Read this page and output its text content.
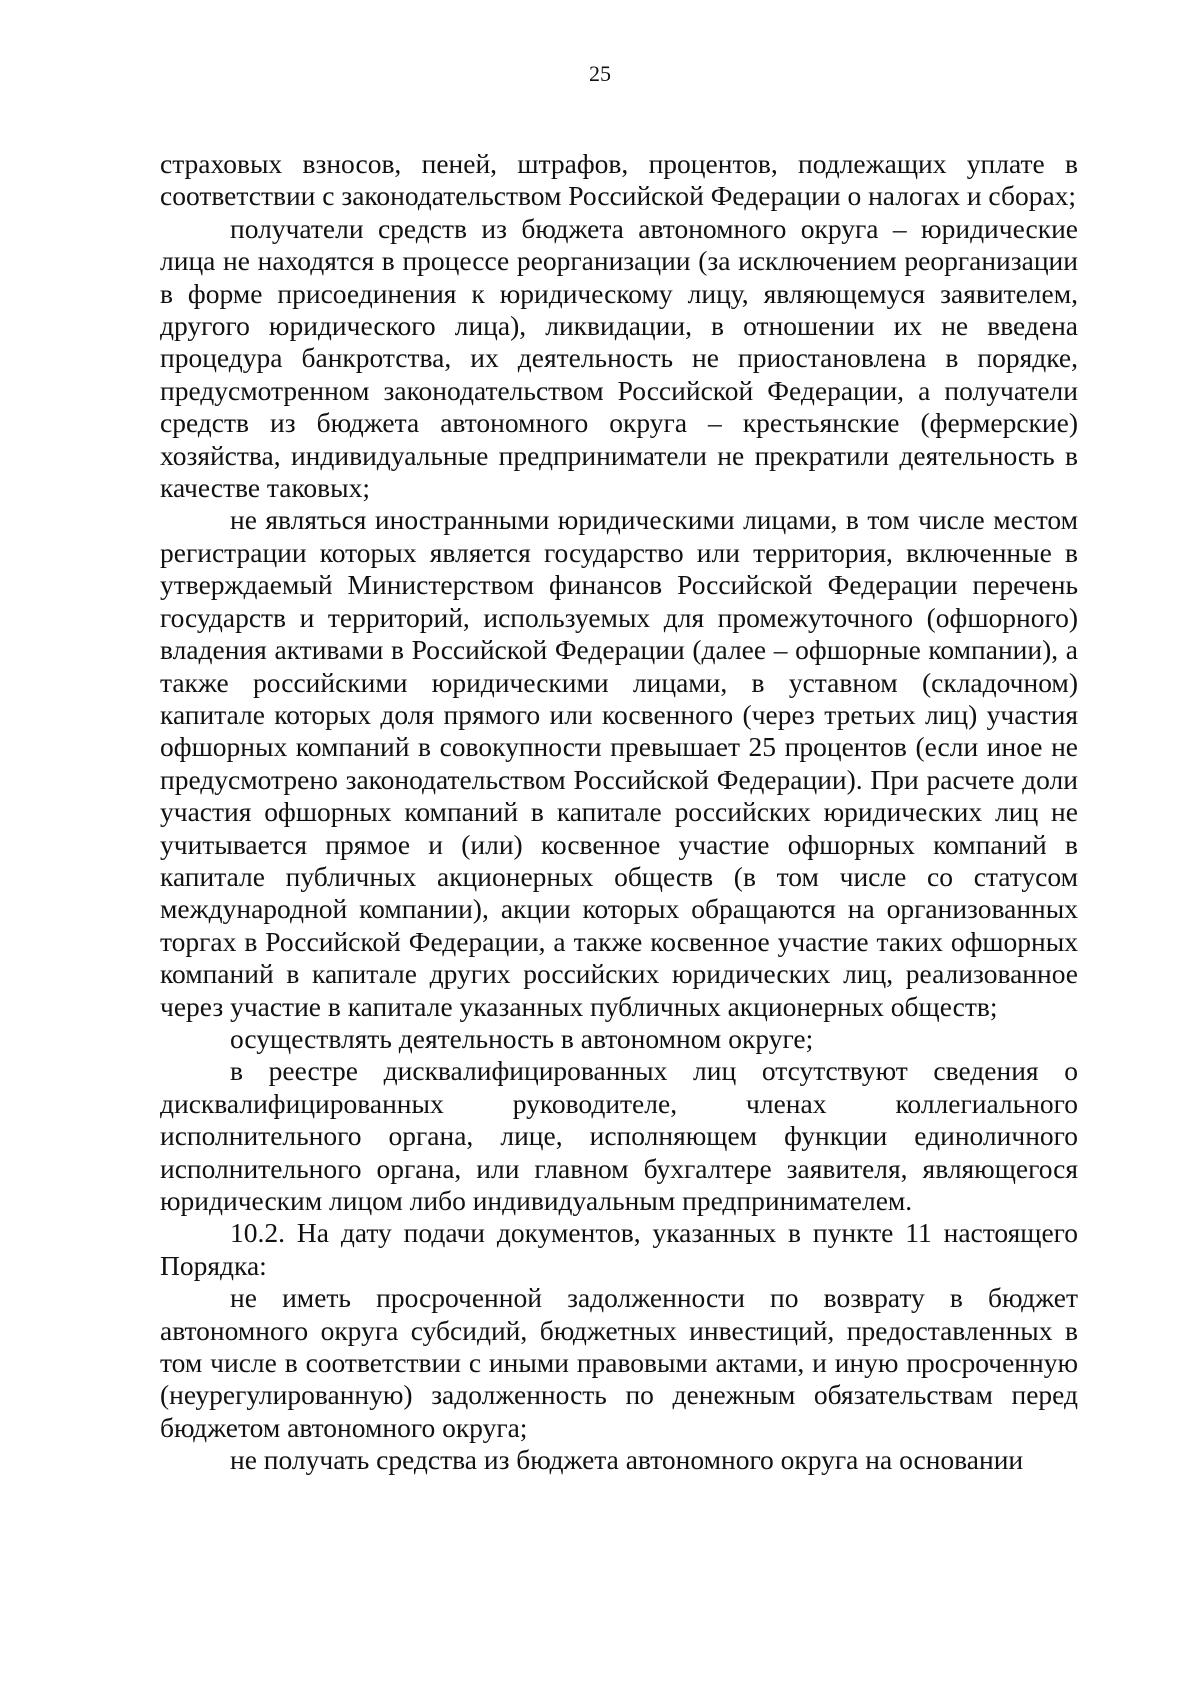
25

страховых взносов, пеней, штрафов, процентов, подлежащих уплате в соответствии с законодательством Российской Федерации о налогах и сборах;

получатели средств из бюджета автономного округа – юридические лица не находятся в процессе реорганизации (за исключением реорганизации в форме присоединения к юридическому лицу, являющемуся заявителем, другого юридического лица), ликвидации, в отношении их не введена процедура банкротства, их деятельность не приостановлена в порядке, предусмотренном законодательством Российской Федерации, а получатели средств из бюджета автономного округа – крестьянские (фермерские) хозяйства, индивидуальные предприниматели не прекратили деятельность в качестве таковых;

не являться иностранными юридическими лицами, в том числе местом регистрации которых является государство или территория, включенные в утверждаемый Министерством финансов Российской Федерации перечень государств и территорий, используемых для промежуточного (офшорного) владения активами в Российской Федерации (далее – офшорные компании), а также российскими юридическими лицами, в уставном (складочном) капитале которых доля прямого или косвенного (через третьих лиц) участия офшорных компаний в совокупности превышает 25 процентов (если иное не предусмотрено законодательством Российской Федерации). При расчете доли участия офшорных компаний в капитале российских юридических лиц не учитывается прямое и (или) косвенное участие офшорных компаний в капитале публичных акционерных обществ (в том числе со статусом международной компании), акции которых обращаются на организованных торгах в Российской Федерации, а также косвенное участие таких офшорных компаний в капитале других российских юридических лиц, реализованное через участие в капитале указанных публичных акционерных обществ;

осуществлять деятельность в автономном округе;

в реестре дисквалифицированных лиц отсутствуют сведения о дисквалифицированных руководителе, членах коллегиального исполнительного органа, лице, исполняющем функции единоличного исполнительного органа, или главном бухгалтере заявителя, являющегося юридическим лицом либо индивидуальным предпринимателем.

10.2. На дату подачи документов, указанных в пункте 11 настоящего Порядка:

не иметь просроченной задолженности по возврату в бюджет автономного округа субсидий, бюджетных инвестиций, предоставленных в том числе в соответствии с иными правовыми актами, и иную просроченную (неурегулированную) задолженность по денежным обязательствам перед бюджетом автономного округа;

не получать средства из бюджета автономного округа на основании
